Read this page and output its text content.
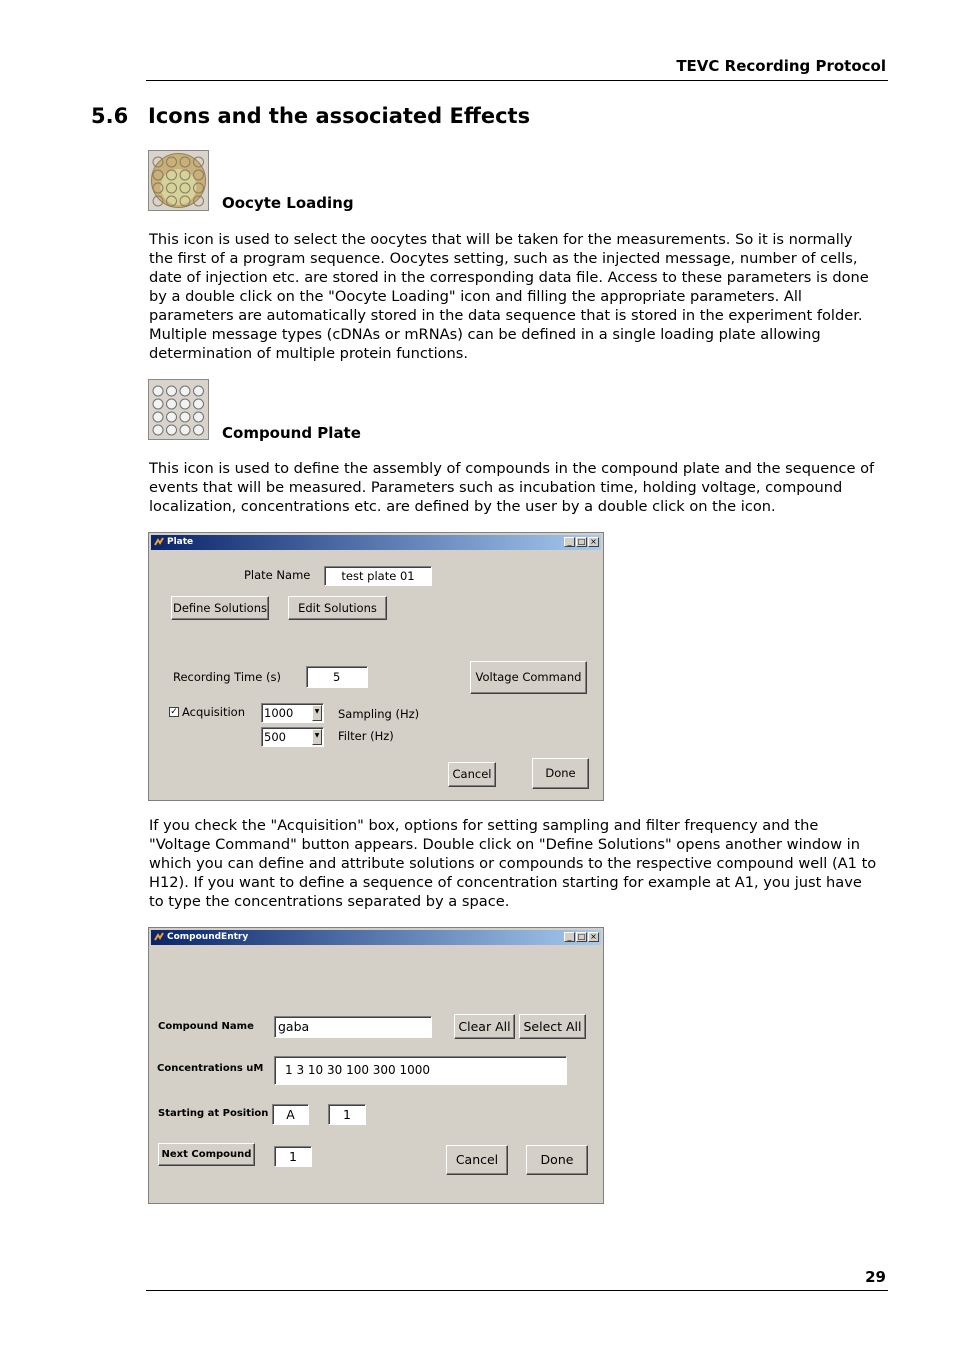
TEVC Recording Protocol
5.6 Icons and the associated Effects
Oocyte Loading
This icon is used to select the oocytes that will be taken for the measurements. So it is normally the first of a program sequence. Oocytes setting, such as the injected message, number of cells, date of injection etc. are stored in the corresponding data file. Access to these parameters is done by a double click on the "Oocyte Loading" icon and filling the appropriate parameters. All parameters are automatically stored in the data sequence that is stored in the experiment folder. Multiple message types (cDNAs or mRNAs) can be defined in a single loading plate allowing determination of multiple protein functions.
Compound Plate
This icon is used to define the assembly of compounds in the compound plate and the sequence of events that will be measured. Parameters such as incubation time, holding voltage, compound localization, concentrations etc. are defined by the user by a double click on the icon.
Plate	_ □ ×
Plate Name	test plate 01
Define Solutions	Edit Solutions
Recording Time (s)	5	Voltage Command
✓ Acquisition 1000	▼ Sampling (Hz)
500	▼ Filter (Hz)
Cancel	Done
If you check the "Acquisition" box, options for setting sampling and filter frequency and the "Voltage Command" button appears. Double click on "Define Solutions" opens another window in which you can define and attribute solutions or compounds to the respective compound well (A1 to H12). If you want to define a sequence of concentration starting for example at A1, you just have to type the concentrations separated by a space.
CompoundEntry	_ □ ×
Compound Name	gaba	Clear All	Select All
Concentrations uM	1 3 10 30 100 300 1000
Starting at Position	A	1
Next Compound	1	Cancel	Done
29
